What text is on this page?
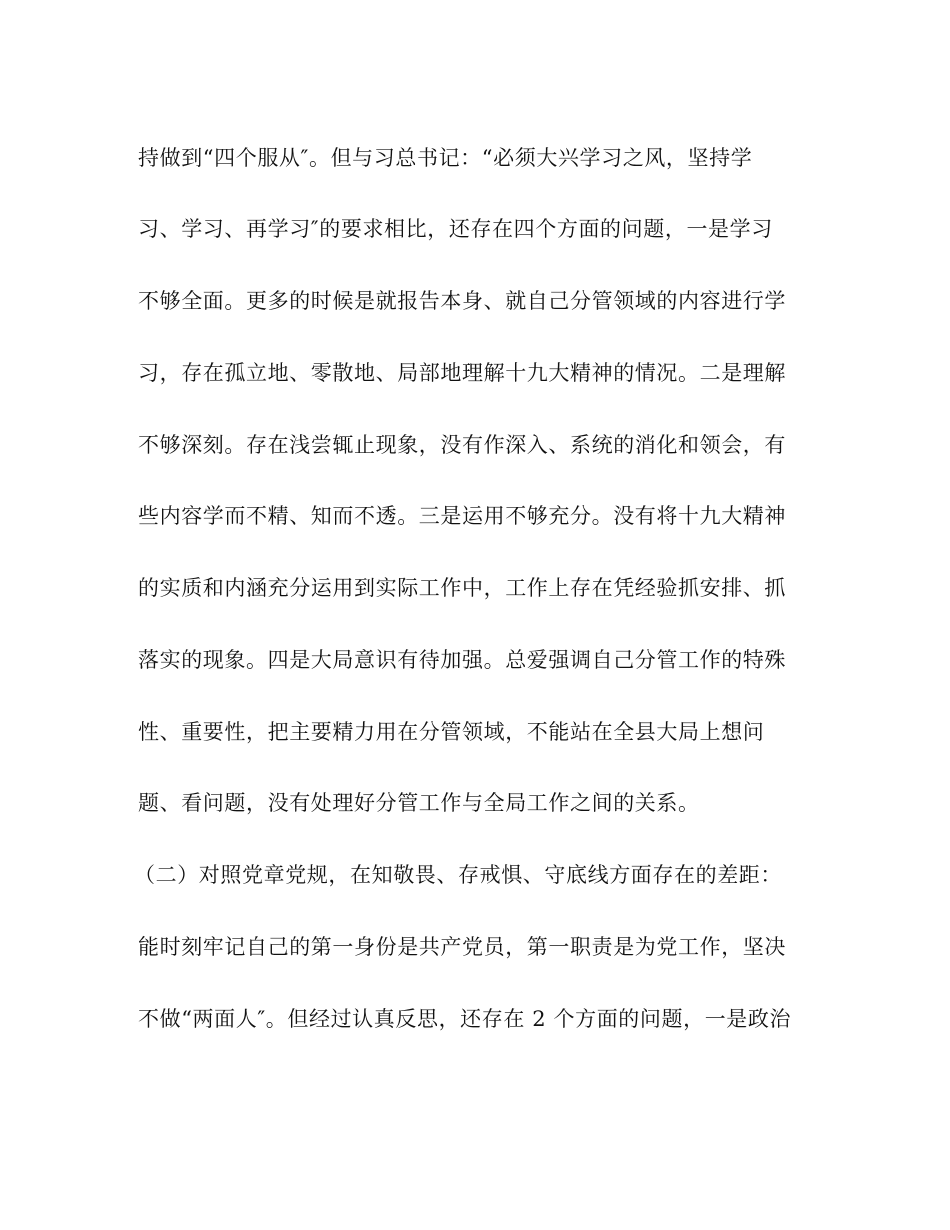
持做到“四个服从″。但与习总书记：“必须大兴学习之风，坚持学
习、学习、再学习″的要求相比，还存在四个方面的问题，一是学习
不够全面。更多的时候是就报告本身、就自己分管领域的内容进行学
习，存在孤立地、零散地、局部地理解十九大精神的情况。二是理解
不够深刻。存在浅尝辄止现象，没有作深入、系统的消化和领会，有
些内容学而不精、知而不透。三是运用不够充分。没有将十九大精神
的实质和内涵充分运用到实际工作中，工作上存在凭经验抓安排、抓
落实的现象。四是大局意识有待加强。总爱强调自己分管工作的特殊
性、重要性，把主要精力用在分管领域，不能站在全县大局上想问
题、看问题，没有处理好分管工作与全局工作之间的关系。
（二）对照党章党规，在知敬畏、存戒惧、守底线方面存在的差距：
能时刻牢记自己的第一身份是共产党员，第一职责是为党工作，坚决
不做“两面人″。但经过认真反思，还存在 2 个方面的问题，一是政治
